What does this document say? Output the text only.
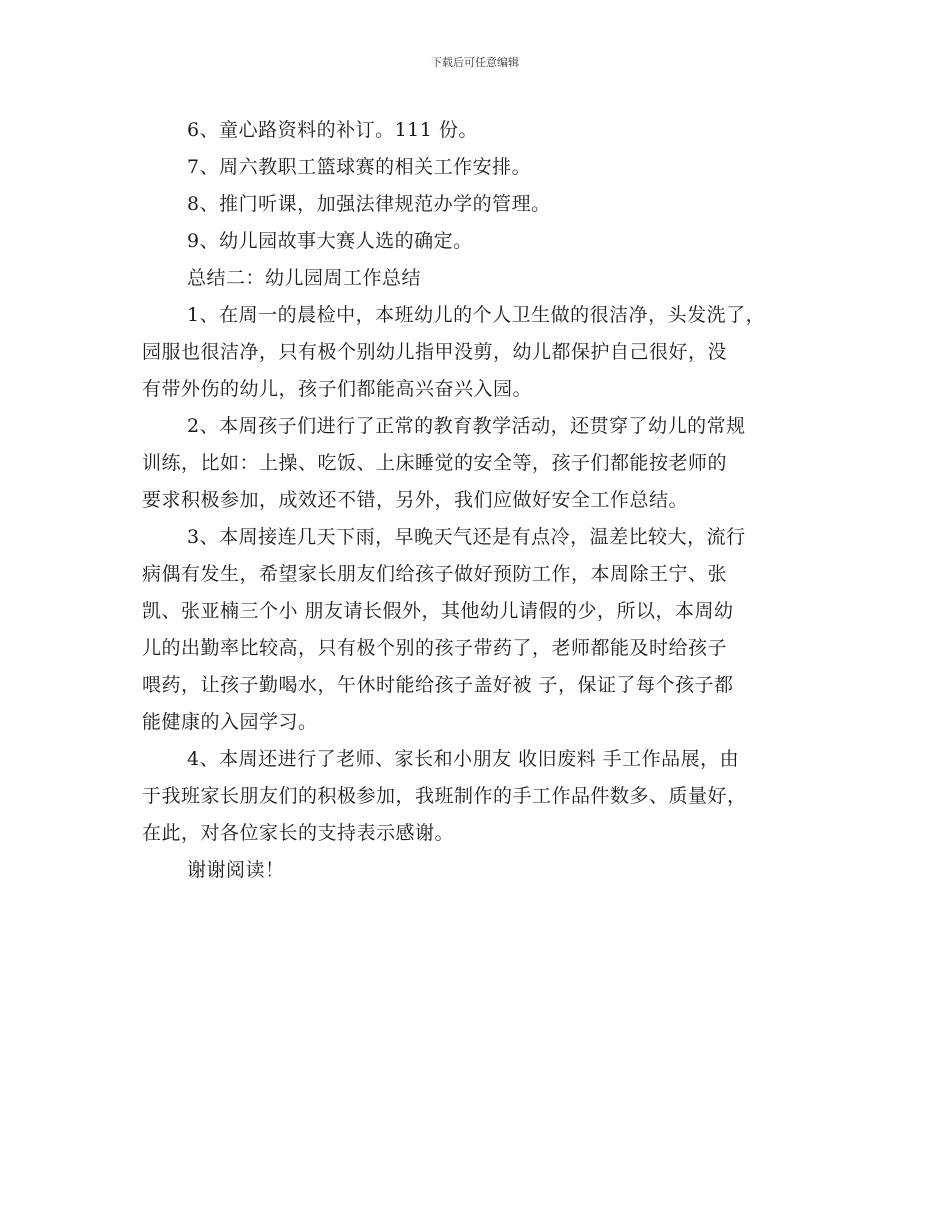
下载后可任意编辑
6、童心路资料的补订。111 份。
7、周六教职工篮球赛的相关工作安排。
8、推门听课，加强法律规范办学的管理。
9、幼儿园故事大赛人选的确定。
总结二：幼儿园周工作总结
1、在周一的晨检中，本班幼儿的个人卫生做的很洁净，头发洗了，
园服也很洁净，只有极个别幼儿指甲没剪，幼儿都保护自己很好，没
有带外伤的幼儿，孩子们都能高兴奋兴入园。
2、本周孩子们进行了正常的教育教学活动，还贯穿了幼儿的常规
训练，比如：上操、吃饭、上床睡觉的安全等，孩子们都能按老师的
要求积极参加，成效还不错，另外，我们应做好安全工作总结。
3、本周接连几天下雨，早晚天气还是有点冷，温差比较大，流行
病偶有发生，希望家长朋友们给孩子做好预防工作，本周除王宁、张
凯、张亚楠三个小 朋友请长假外，其他幼儿请假的少，所以，本周幼
儿的出勤率比较高，只有极个别的孩子带药了，老师都能及时给孩子
喂药，让孩子勤喝水，午休时能给孩子盖好被 子，保证了每个孩子都
能健康的入园学习。
4、本周还进行了老师、家长和小朋友 收旧废料 手工作品展，由
于我班家长朋友们的积极参加，我班制作的手工作品件数多、质量好，
在此，对各位家长的支持表示感谢。
谢谢阅读！
